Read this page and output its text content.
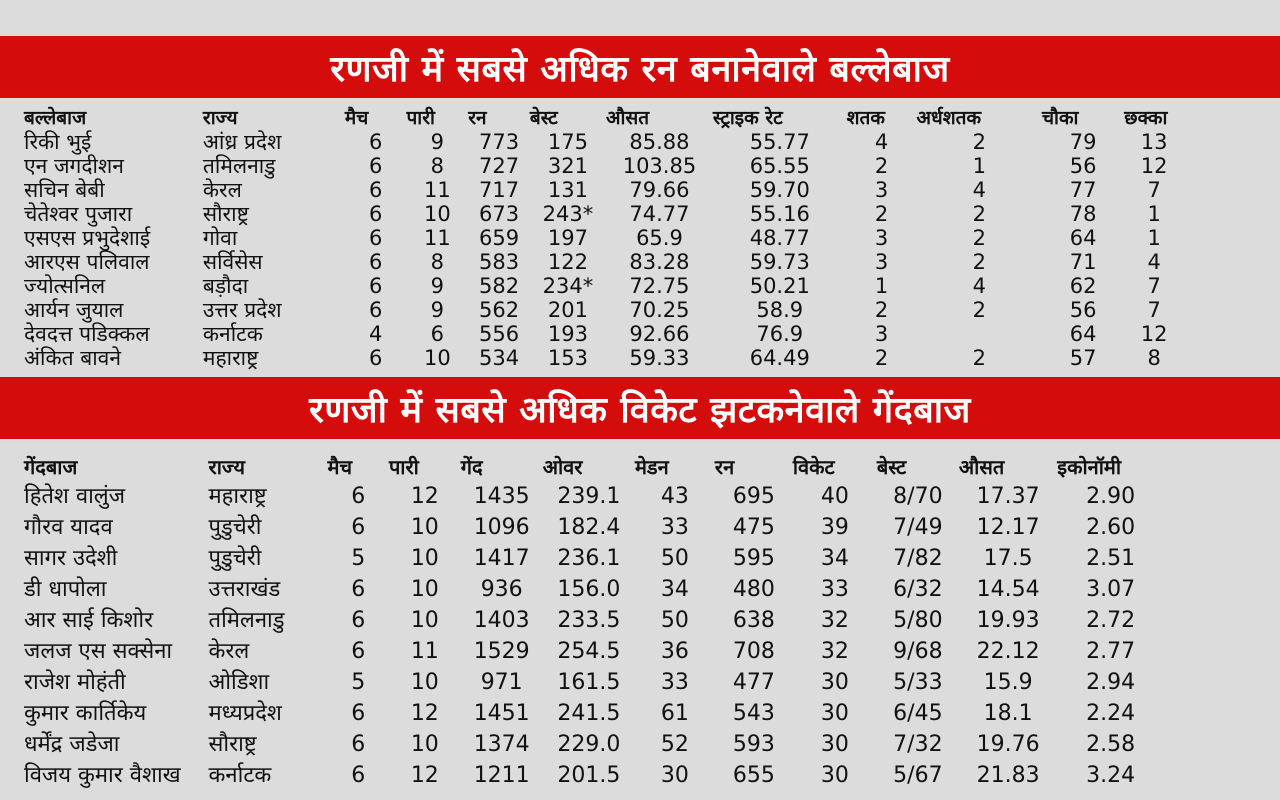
रणजी में सबसे अधिक रन बनानेवाले बल्लेबाज
बल्लेबाज	राज्य	मैच	पारी	रन	बेस्ट	औसत	स्ट्राइक रेट	शतक	अर्धशतक	चौका	छक्का
रिकी भुई	आंध्र प्रदेश	6	9	773	175	85.88	55.77	4	2	79	13
एन जगदीशन	तमिलनाडु	6	8	727	321	103.85	65.55	2	1	56	12
सचिन बेबी	केरल	6	11	717	131	79.66	59.70	3	4	77	7
चेतेश्वर पुजारा	सौराष्ट्र	6	10	673	243*	74.77	55.16	2	2	78	1
एसएस प्रभुदेशाई	गोवा	6	11	659	197	65.9	48.77	3	2	64	1
आरएस पलिवाल	सर्विसेस	6	8	583	122	83.28	59.73	3	2	71	4
ज्योत्सनिल	बड़ौदा	6	9	582	234*	72.75	50.21	1	4	62	7
आर्यन जुयाल	उत्तर प्रदेश	6	9	562	201	70.25	58.9	2	2	56	7
देवदत्त पडिक्कल	कर्नाटक	4	6	556	193	92.66	76.9	3		64	12
अंकित बावने	महाराष्ट्र	6	10	534	153	59.33	64.49	2	2	57	8
रणजी में सबसे अधिक विकेट झटकनेवाले गेंदबाज
गेंदबाज	राज्य	मैच	पारी	गेंद	ओवर	मेडन	रन	विकेट	बेस्ट	औसत	इकोनॉमी
हितेश वालुंज	महाराष्ट्र	6	12	1435	239.1	43	695	40	8/70	17.37	2.90
गौरव यादव	पुडुचेरी	6	10	1096	182.4	33	475	39	7/49	12.17	2.60
सागर उदेशी	पुडुचेरी	5	10	1417	236.1	50	595	34	7/82	17.5	2.51
डी धापोला	उत्तराखंड	6	10	936	156.0	34	480	33	6/32	14.54	3.07
आर साई किशोर	तमिलनाडु	6	10	1403	233.5	50	638	32	5/80	19.93	2.72
जलज एस सक्सेना	केरल	6	11	1529	254.5	36	708	32	9/68	22.12	2.77
राजेश मोहंती	ओडिशा	5	10	971	161.5	33	477	30	5/33	15.9	2.94
कुमार कार्तिकेय	मध्यप्रदेश	6	12	1451	241.5	61	543	30	6/45	18.1	2.24
धर्मेंद्र जडेजा	सौराष्ट्र	6	10	1374	229.0	52	593	30	7/32	19.76	2.58
विजय कुमार वैशाख	कर्नाटक	6	12	1211	201.5	30	655	30	5/67	21.83	3.24
